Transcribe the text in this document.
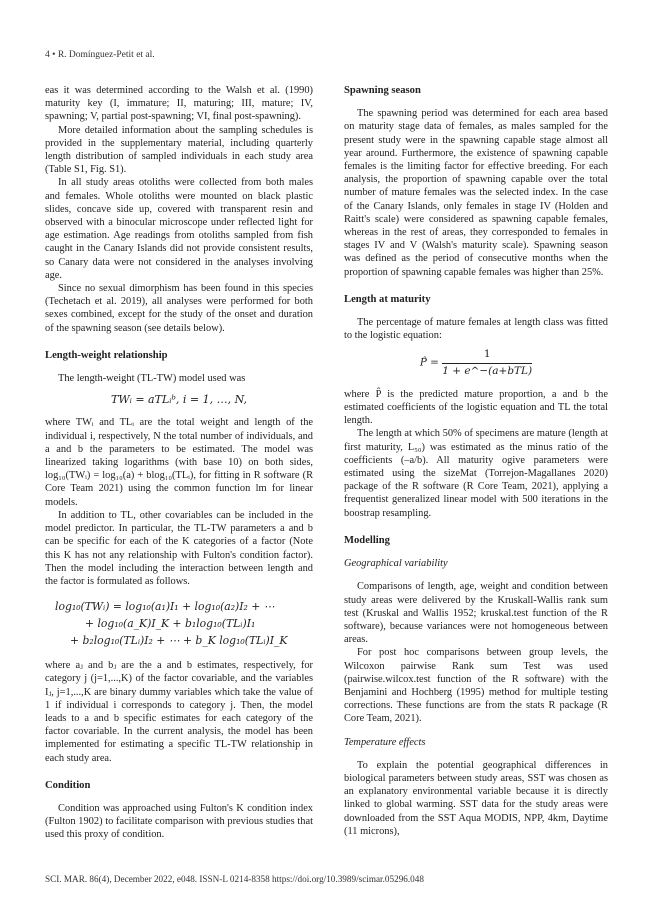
4 • R. Domínguez-Petit et al.

eas it was determined according to the Walsh et al. (1990) maturity key (I, immature; II, maturing; III, mature; IV, spawning; V, partial post-spawning; VI, final post-spawning).

More detailed information about the sampling schedules is provided in the supplementary material, including quarterly length distribution of sampled individuals in each study area (Table S1, Fig. S1).

In all study areas otoliths were collected from both males and females. Whole otoliths were mounted on black plastic slides, concave side up, covered with transparent resin and observed with a binocular microscope under reflected light for age estimation. Age readings from otoliths sampled from fish caught in the Canary Islands did not provide consistent results, so Canary data were not considered in the analyses involving age.

Since no sexual dimorphism has been found in this species (Techetach et al. 2019), all analyses were performed for both sexes combined, except for the study of the onset and duration of the spawning season (see details below).

Length-weight relationship

The length-weight (TL-TW) model used was

TWᵢ = aTLᵢᵇ, i = 1, …, N,

where TWᵢ and TLᵢ are the total weight and length of the individual i, respectively, N the total number of individuals, and a and b the parameters to be estimated. The model was linearized taking logarithms (with base 10) on both sides, log₁₀(TWᵢ) = log₁₀(a) + blog₁₀(TLᵢ), for fitting in R software (R Core Team 2021) using the common function lm for linear models.

In addition to TL, other covariables can be included in the model predictor. In particular, the TL-TW parameters a and b can be specific for each of the K categories of a factor (Note this K has not any relationship with Fulton's condition factor). Then the model including the interaction between length and the factor is formulated as follows.

log₁₀(TWᵢ) = log₁₀(a₁)I₁ + log₁₀(a₂)I₂ + ⋯
+ log₁₀(a_K)I_K + b₁log₁₀(TLᵢ)I₁
+ b₂log₁₀(TLᵢ)I₂ + ⋯ + b_K log₁₀(TLᵢ)I_K

where aⱼ and bⱼ are the a and b estimates, respectively, for category j (j=1,...,K) of the factor covariable, and the variables Iⱼ, j=1,...,K are binary dummy variables which take the value of 1 if individual i corresponds to category j. Then, the model leads to a and b specific estimates for each category of the factor covariable. In the current analysis, the model has been implemented for estimating a specific TL-TW relationship in each study area.

Condition

Condition was approached using Fulton's K condition index (Fulton 1902) to facilitate comparison with previous studies that used this proxy of condition.

Spawning season

The spawning period was determined for each area based on maturity stage data of females, as males sampled for the present study were in the spawning capable stage almost all year around. Furthermore, the existence of spawning capable females is the limiting factor for effective breeding. For each analysis, the proportion of spawning capable over the total number of mature females was the selected index. In the case of the Canary Islands, only females in stage IV (Holden and Raitt's scale) were considered as spawning capable females, whereas in the rest of areas, they corresponded to females in stages IV and V (Walsh's maturity scale). Spawning season was defined as the period of consecutive months when the proportion of spawning capable females was higher than 25%.

Length at maturity

The percentage of mature females at length class was fitted to the logistic equation:

P̂ = $\frac{1}{\text{1 + e\textasciicircum{}−(a+bTL)}}$

where P̂ is the predicted mature proportion, a and b the estimated coefficients of the logistic equation and TL the total length.

The length at which 50% of specimens are mature (length at first maturity, L₅₀) was estimated as the minus ratio of the coefficients (–a/b). All maturity ogive parameters were estimated using the sizeMat (Torrejon-Magallanes 2020) package of the R software (R Core Team, 2021), applying a frequentist generalized linear model with 500 iterations in the boostrap resampling.

Modelling
Geographical variability

Comparisons of length, age, weight and condition between study areas were delivered by the Kruskall-Wallis rank sum test (Kruskal and Wallis 1952; kruskal.test function of the R software), because variances were not homogeneous between areas.

For post hoc comparisons between group levels, the Wilcoxon pairwise Rank sum Test was used (pairwise.wilcox.test function of the R software) with the Benjamini and Hochberg (1995) method for multiple testing corrections. These functions are from the stats R package (R Core Team, 2021).

Temperature effects

To explain the potential geographical differences in biological parameters between study areas, SST was chosen as an explanatory environmental variable because it is directly linked to global warming. SST data for the study areas were downloaded from the SST Aqua MODIS, NPP, 4km, Daytime (11 microns),

SCI. MAR. 86(4), December 2022, e048. ISSN-L 0214-8358 https://doi.org/10.3989/scimar.05296.048
